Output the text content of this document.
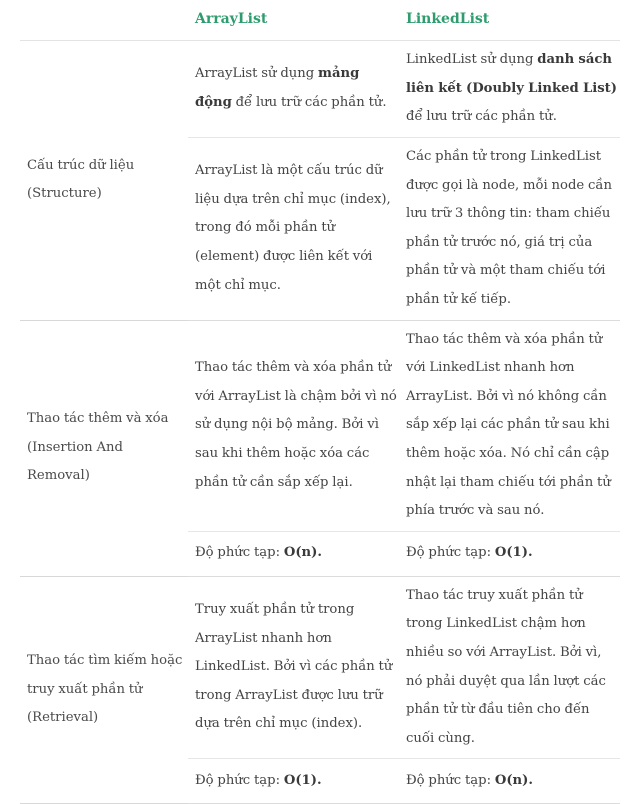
	ArrayList	LinkedList
Cấu trúc dữ liệu
(Structure)	ArrayList sử dụng mảng động để lưu trữ các phần tử.	LinkedList sử dụng danh sách liên kết (Doubly Linked List) để lưu trữ các phần tử.
	ArrayList là một cấu trúc dữ liệu dựa trên chỉ mục (index), trong đó mỗi phần tử (element) được liên kết với một chỉ mục.	Các phần tử trong LinkedList được gọi là node, mỗi node cần lưu trữ 3 thông tin: tham chiếu phần tử trước nó, giá trị của phần tử và một tham chiếu tới phần tử kế tiếp.
Thao tác thêm và xóa
(Insertion And Removal)	Thao tác thêm và xóa phần tử với ArrayList là chậm bởi vì nó sử dụng nội bộ mảng. Bởi vì sau khi thêm hoặc xóa các phần tử cần sắp xếp lại.	Thao tác thêm và xóa phần tử với LinkedList nhanh hơn ArrayList. Bởi vì nó không cần sắp xếp lại các phần tử sau khi thêm hoặc xóa. Nó chỉ cần cập nhật lại tham chiếu tới phần tử phía trước và sau nó.
	Độ phức tạp: O(n).	Độ phức tạp: O(1).
Thao tác tìm kiếm hoặc
truy xuất phần tử
(Retrieval)	Truy xuất phần tử trong ArrayList nhanh hơn LinkedList. Bởi vì các phần tử trong ArrayList được lưu trữ dựa trên chỉ mục (index).	Thao tác truy xuất phần tử trong LinkedList chậm hơn nhiều so với ArrayList. Bởi vì, nó phải duyệt qua lần lượt các phần tử từ đầu tiên cho đến cuối cùng.
	Độ phức tạp: O(1).	Độ phức tạp: O(n).
